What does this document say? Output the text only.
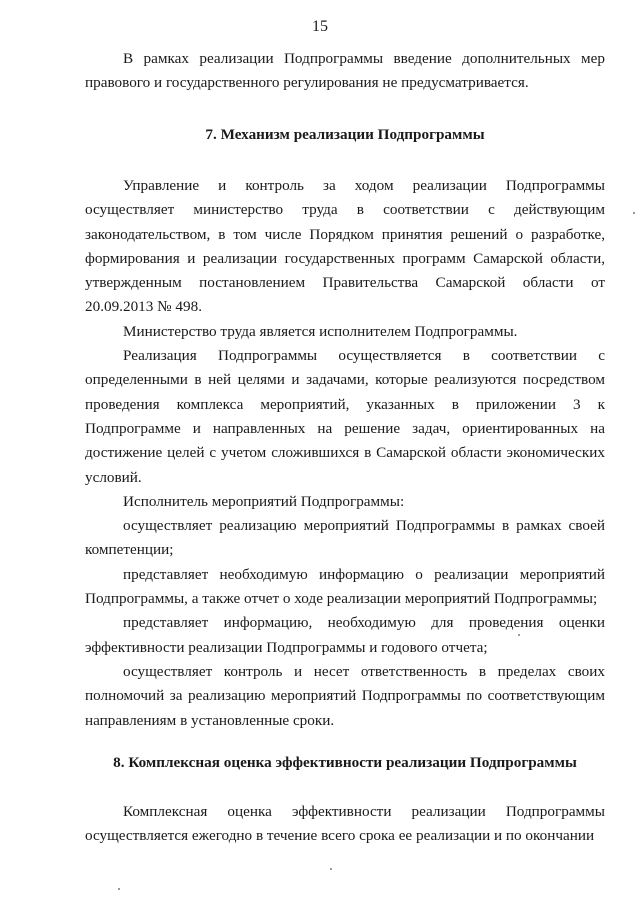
15

В рамках реализации Подпрограммы введение дополнительных мер правового и государственного регулирования не предусматривается.

7. Механизм реализации Подпрограммы

Управление и контроль за ходом реализации Подпрограммы осуществляет министерство труда в соответствии с действующим законодательством, в том числе Порядком принятия решений о разработке, формирования и реализации государственных программ Самарской области, утвержденным постановлением Правительства Самарской области от 20.09.2013 № 498.

Министерство труда является исполнителем Подпрограммы.

Реализация Подпрограммы осуществляется в соответствии с определенными в ней целями и задачами, которые реализуются посредством проведения комплекса мероприятий, указанных в приложении 3 к Подпрограмме и направленных на решение задач, ориентированных на достижение целей с учетом сложившихся в Самарской области экономических условий.

Исполнитель мероприятий Подпрограммы:

осуществляет реализацию мероприятий Подпрограммы в рамках своей компетенции;

представляет необходимую информацию о реализации мероприятий Подпрограммы, а также отчет о ходе реализации мероприятий Подпрограммы;

представляет информацию, необходимую для проведения оценки эффективности реализации Подпрограммы и годового отчета;

осуществляет контроль и несет ответственность в пределах своих полномочий за реализацию мероприятий Подпрограммы по соответствующим направлениям в установленные сроки.

8. Комплексная оценка эффективности реализации Подпрограммы

Комплексная оценка эффективности реализации Подпрограммы осуществляется ежегодно в течение всего срока ее реализации и по окончании
